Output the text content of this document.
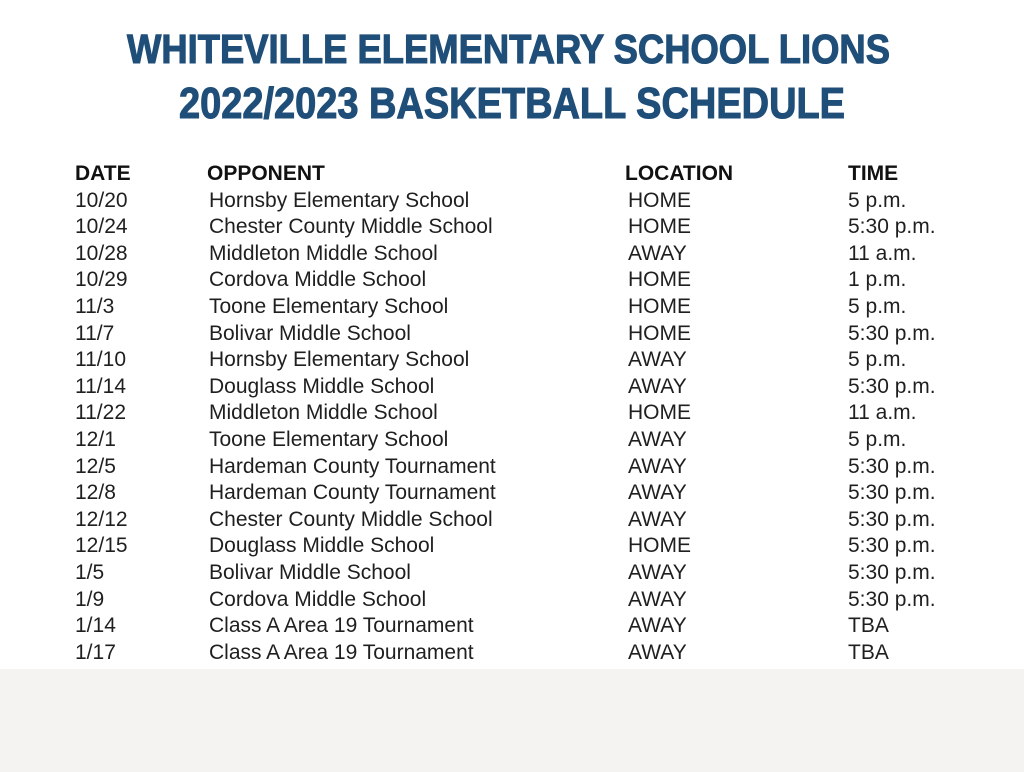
WHITEVILLE ELEMENTARY SCHOOL LIONS
2022/2023 BASKETBALL SCHEDULE
DATE	OPPONENT	LOCATION	TIME
10/20	Hornsby Elementary School	HOME	5 p.m.
10/24	Chester County Middle School	HOME	5:30 p.m.
10/28	Middleton Middle School	AWAY	11 a.m.
10/29	Cordova Middle School	HOME	1 p.m.
11/3	Toone Elementary School	HOME	5 p.m.
11/7	Bolivar Middle School	HOME	5:30 p.m.
11/10	Hornsby Elementary School	AWAY	5 p.m.
11/14	Douglass Middle School	AWAY	5:30 p.m.
11/22	Middleton Middle School	HOME	11 a.m.
12/1	Toone Elementary School	AWAY	5 p.m.
12/5	Hardeman County Tournament	AWAY	5:30 p.m.
12/8	Hardeman County Tournament	AWAY	5:30 p.m.
12/12	Chester County Middle School	AWAY	5:30 p.m.
12/15	Douglass Middle School	HOME	5:30 p.m.
1/5	Bolivar Middle School	AWAY	5:30 p.m.
1/9	Cordova Middle School	AWAY	5:30 p.m.
1/14	Class A Area 19 Tournament	AWAY	TBA
1/17	Class A Area 19 Tournament	AWAY	TBA
